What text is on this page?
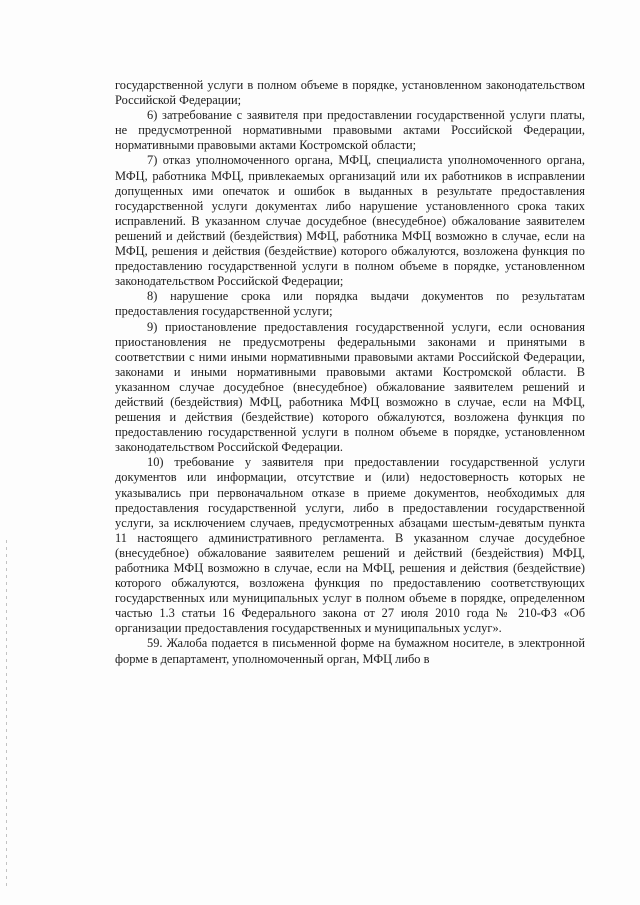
государственной услуги в полном объеме в порядке, установленном законодательством Российской Федерации;

6) затребование с заявителя при предоставлении государственной услуги платы, не предусмотренной нормативными правовыми актами Российской Федерации, нормативными правовыми актами Костромской области;

7) отказ уполномоченного органа, МФЦ, специалиста уполномоченного органа, МФЦ, работника МФЦ, привлекаемых организаций или их работников в исправлении допущенных ими опечаток и ошибок в выданных в результате предоставления государственной услуги документах либо нарушение установленного срока таких исправлений. В указанном случае досудебное (внесудебное) обжалование заявителем решений и действий (бездействия) МФЦ, работника МФЦ возможно в случае, если на МФЦ, решения и действия (бездействие) которого обжалуются, возложена функция по предоставлению государственной услуги в полном объеме в порядке, установленном законодательством Российской Федерации;

8) нарушение срока или порядка выдачи документов по результатам предоставления государственной услуги;

9) приостановление предоставления государственной услуги, если основания приостановления не предусмотрены федеральными законами и принятыми в соответствии с ними иными нормативными правовыми актами Российской Федерации, законами и иными нормативными правовыми актами Костромской области. В указанном случае досудебное (внесудебное) обжалование заявителем решений и действий (бездействия) МФЦ, работника МФЦ возможно в случае, если на МФЦ, решения и действия (бездействие) которого обжалуются, возложена функция по предоставлению государственной услуги в полном объеме в порядке, установленном законодательством Российской Федерации.

10) требование у заявителя при предоставлении государственной услуги документов или информации, отсутствие и (или) недостоверность которых не указывались при первоначальном отказе в приеме документов, необходимых для предоставления государственной услуги, либо в предоставлении государственной услуги, за исключением случаев, предусмотренных абзацами шестым-девятым пункта 11 настоящего административного регламента. В указанном случае досудебное (внесудебное) обжалование заявителем решений и действий (бездействия) МФЦ, работника МФЦ возможно в случае, если на МФЦ, решения и действия (бездействие) которого обжалуются, возложена функция по предоставлению соответствующих государственных или муниципальных услуг в полном объеме в порядке, определенном частью 1.3 статьи 16 Федерального закона от 27 июля 2010 года № 210-ФЗ «Об организации предоставления государственных и муниципальных услуг».

59. Жалоба подается в письменной форме на бумажном носителе, в электронной форме в департамент, уполномоченный орган, МФЦ либо в
